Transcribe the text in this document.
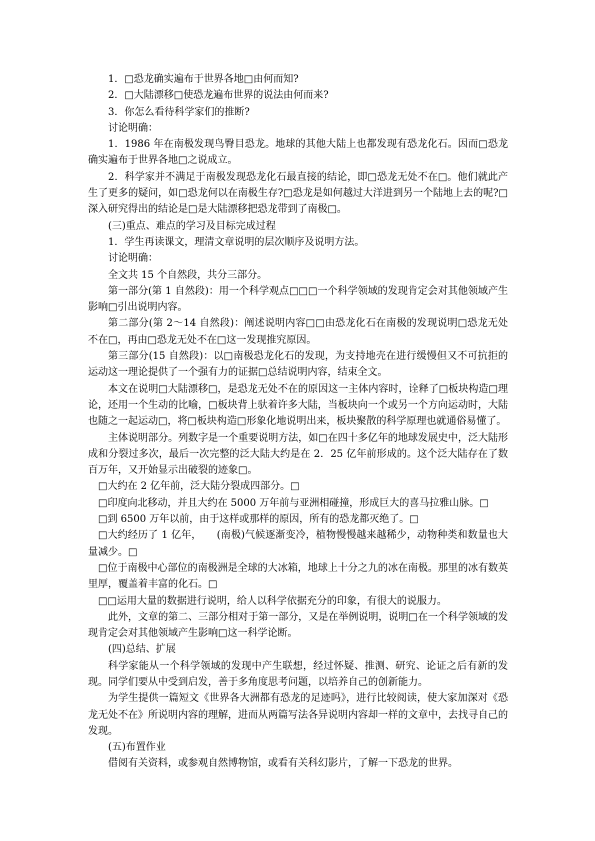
1．□恐龙确实遍布于世界各地□由何而知?

2．□大陆漂移□使恐龙遍布世界的说法由何而来?

3．你怎么看待科学家们的推断?

讨论明确：

1．1986 年在南极发现鸟臀目恐龙。地球的其他大陆上也都发现有恐龙化石。因而□恐龙确实遍布于世界各地□之说成立。

2．科学家并不满足于南极发现恐龙化石最直接的结论，即□恐龙无处不在□。他们就此产生了更多的疑问，如□恐龙何以在南极生存?□恐龙是如何越过大洋进到另一个陆地上去的呢?□深入研究得出的结论是□是大陆漂移把恐龙带到了南极□。

(三)重点、难点的学习及目标完成过程

1．学生再读课文，理清文章说明的层次顺序及说明方法。

讨论明确：

全文共 15 个自然段，共分三部分。

第一部分(第 1 自然段)：用一个科学观点□□□一个科学领域的发现肯定会对其他领域产生影响□引出说明内容。

第二部分(第 2～14 自然段)：阐述说明内容□□由恐龙化石在南极的发现说明□恐龙无处不在□，再由□恐龙无处不在□这一发现推究原因。

第三部分(15 自然段)：以□南极恐龙化石的发现，为支持地壳在进行缓慢但又不可抗拒的运动这一理论提供了一个强有力的证据□总结说明内容，结束全文。

本文在说明□大陆漂移□，是恐龙无处不在的原因这一主体内容时，诠释了□板块构造□理论，还用一个生动的比喻，□板块背上驮着许多大陆，当板块向一个或另一个方向运动时，大陆也随之一起运动□，将□板块构造□形象化地说明出来，板块聚散的科学原理也就通俗易懂了。

主体说明部分。列数字是一个重要说明方法，如□在四十多亿年的地球发展史中，泛大陆形成和分裂过多次，最后一次完整的泛大陆大约是在 2．25 亿年前形成的。这个泛大陆存在了数百万年，又开始显示出破裂的迹象□。

□大约在 2 亿年前，泛大陆分裂成四部分。□

□印度向北移动，并且大约在 5000 万年前与亚洲相碰撞，形成巨大的喜马拉雅山脉。□

□到 6500 万年以前，由于这样或那样的原因，所有的恐龙都灭绝了。□

□大约经历了 1 亿年，　　(南极)气候逐渐变冷，植物慢慢越来越稀少，动物种类和数量也大量减少。□

□位于南极中心部位的南极洲是全球的大冰箱，地球上十分之九的冰在南极。那里的冰有数英里厚，覆盖着丰富的化石。□

□□运用大量的数据进行说明，给人以科学依据充分的印象，有很大的说服力。

此外，文章的第二、三部分相对于第一部分，又是在举例说明，说明□在一个科学领域的发现肯定会对其他领域产生影响□这一科学论断。

(四)总结、扩展

科学家能从一个科学领域的发现中产生联想，经过怀疑、推测、研究、论证之后有新的发现。同学们要从中受到启发，善于多角度思考问题，以培养自己的创新能力。

为学生提供一篇短文《世界各大洲都有恐龙的足迹吗》，进行比较阅读，使大家加深对《恐龙无处不在》所说明内容的理解，进而从两篇写法各异说明内容却一样的文章中，去找寻自己的发现。

(五)布置作业

借阅有关资料，或参观自然博物馆，或看有关科幻影片，了解一下恐龙的世界。
